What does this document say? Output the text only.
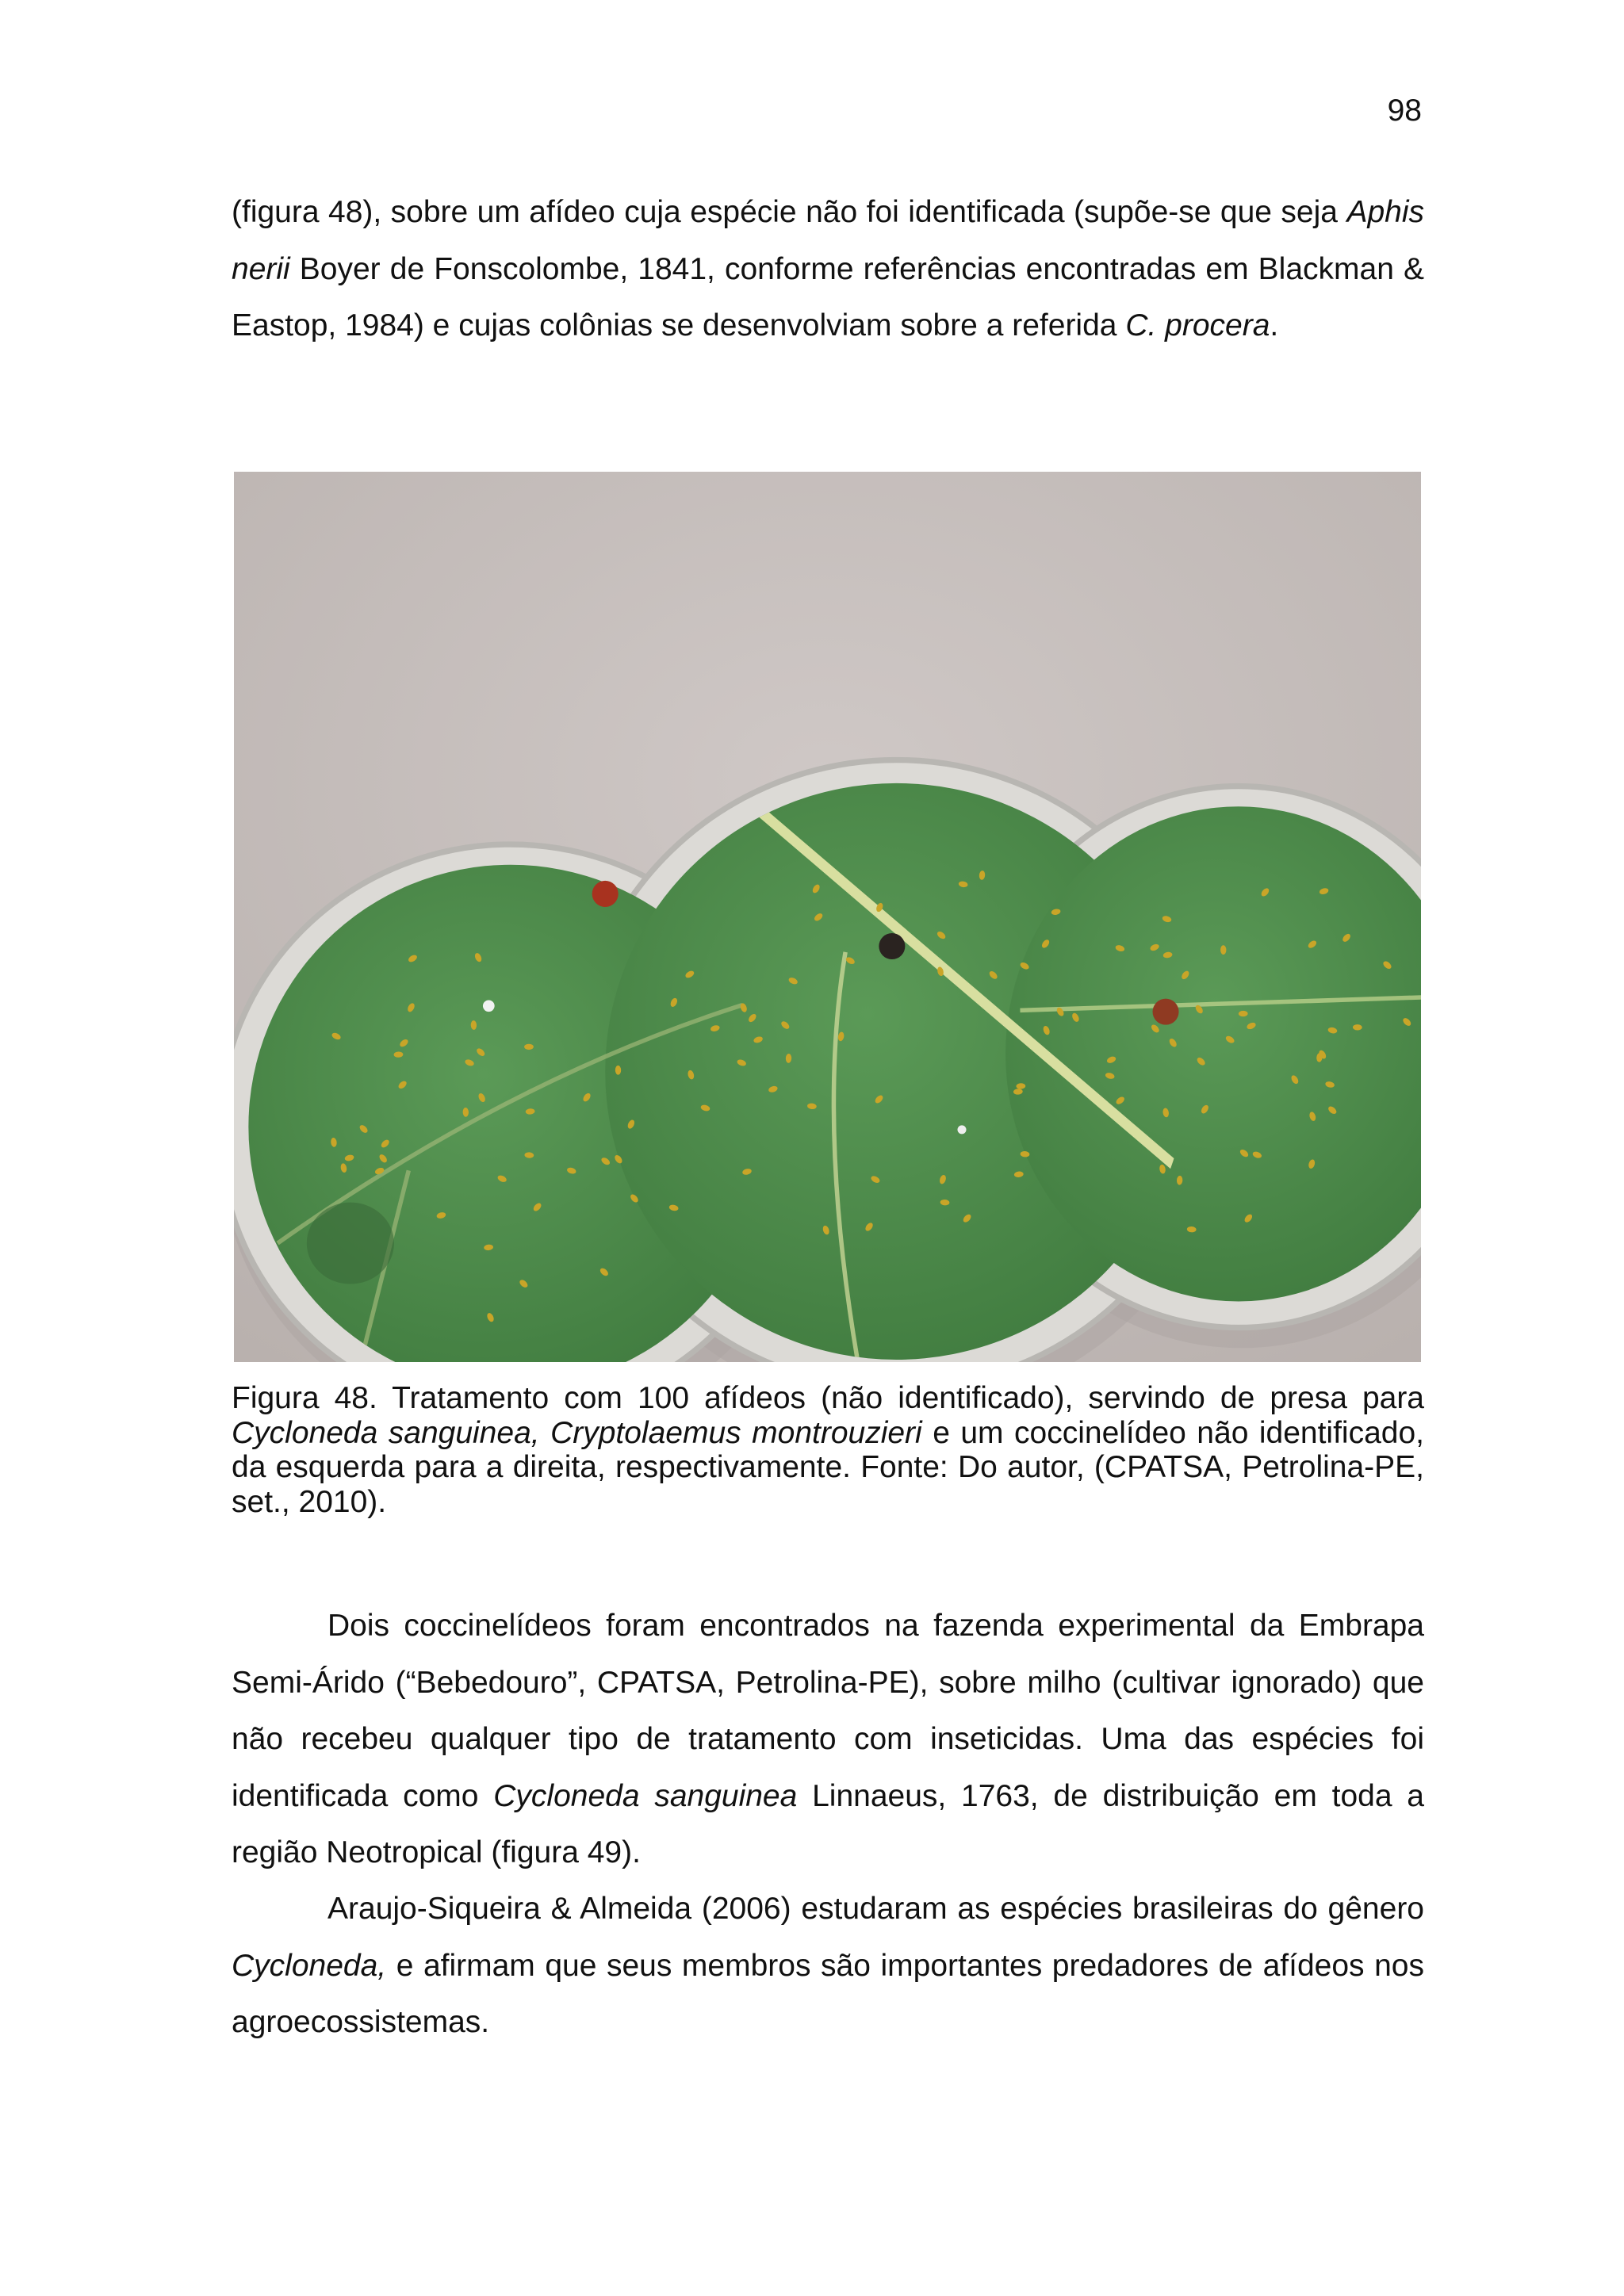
98

(figura 48), sobre um afídeo cuja espécie não foi identificada (supõe-se que seja Aphis nerii Boyer de Fonscolombe, 1841, conforme referências encontradas em Blackman & Eastop, 1984) e cujas colônias se desenvolviam sobre a referida C. procera.

Figura 48. Tratamento com 100 afídeos (não identificado), servindo de presa para Cycloneda sanguinea, Cryptolaemus montrouzieri e um coccinelídeo não identificado, da esquerda para a direita, respectivamente. Fonte: Do autor, (CPATSA, Petrolina-PE, set., 2010).

Dois coccinelídeos foram encontrados na fazenda experimental da Embrapa Semi-Árido (“Bebedouro”, CPATSA, Petrolina-PE), sobre milho (cultivar ignorado) que não recebeu qualquer tipo de tratamento com inseticidas. Uma das espécies foi identificada como Cycloneda sanguinea Linnaeus, 1763, de distribuição em toda a região Neotropical (figura 49).

Araujo-Siqueira & Almeida (2006) estudaram as espécies brasileiras do gênero Cycloneda, e afirmam que seus membros são importantes predadores de afídeos nos agroecossistemas.
